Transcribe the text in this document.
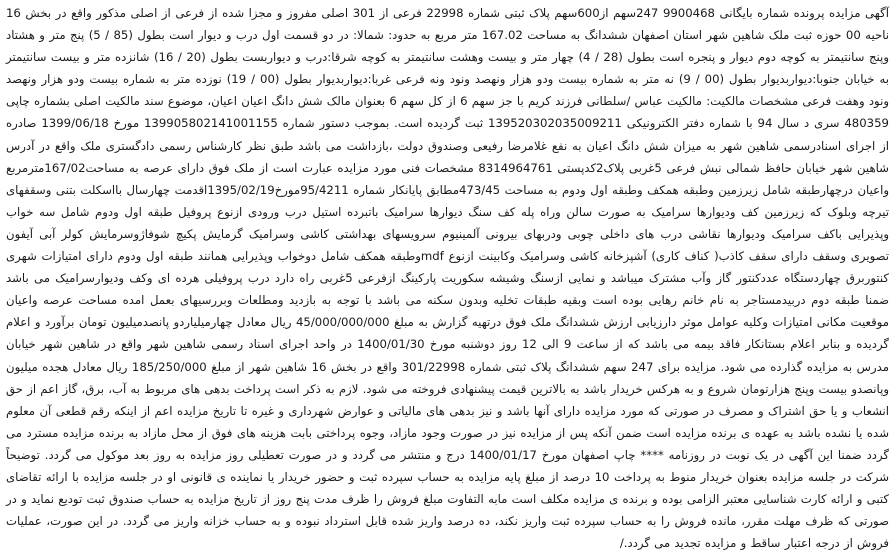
آگهی مزایده پرونده شماره بایگانی 9900468 247سهم از600سهم پلاک ثبتی شماره 22998 فرعی از 301 اصلی مفروز و مجزا شده از فرعی از اصلی مذکور واقع در بخش 16 ناحیه 00 حوزه ثبت ملک شاهین شهر استان اصفهان ششدانگ به مساحت 167.02 متر مربع به حدود: شمالا: در دو قسمت اول درب و دیوار است بطول (85 / 5) پنج متر و هشتاد وپنج سانتیمتر به کوچه دوم دیوار و پنجره است بطول (28 / 4) چهار متر و بیست وهشت سانتیمتر به کوچه شرقا:درب و دیواربست بطول (20 / 16) شانزده متر و بیست سانتیمتر به خیابان جنوبا:دیواربدیوار بطول (00 / 9) نه متر به شماره بیست ودو هزار ونهصد ونود ونه فرعی غربا:دیواربدیوار بطول (00 / 19) نوزده متر به شماره بیست ودو هزار ونهصد ونود وهفت فرعی مشخصات مالکیت: مالکیت عباس /سلطانی فرزند کریم با جز سهم 6 از کل سهم 6 بعنوان مالک شش دانگ اعیان اعیان، موضوع سند مالکیت اصلی بشماره چاپی 480359 سری د سال 94 با شماره دفتر الکترونیکی 139520302035009211 ثبت گردیده است. بموجب دستور شماره 139905802141001155 مورخ 1399/06/18 صادره از اجرای اسنادرسمی شاهین شهر به میزان شش دانگ اعیان به نفع غلامرضا رفیعی وصندوق دولت ،بازداشت می باشد طبق نظر کارشناس رسمی دادگستری ملک واقع در آدرس شاهین شهر خیابان حافظ شمالی نبش فرعی 5غربی پلاک2کدپستی 8314964761 مشخصات فنی مورد مزایده عبارت است از ملک فوق دارای عرصه به مساحت167/02مترمربع واعیان درچهارطبقه شامل زیرزمین وطبقه همکف وطبقه اول ودوم به مساحت 473/45مطابق پایانکار شماره 95/4211مورخ1395/02/19اقدمت چهارسال بااسکلت بتنی وسقفهای تیرچه وبلوک که زیرزمین کف ودیوارها سرامیک به صورت سالن وراه پله کف سنگ دیوارها سرامیک باتبرده استیل درب ورودی ازنوع پروفیل طبقه اول ودوم شامل سه خواب وپذیرایی باکف سرامیک ودیوارها نقاشی درب های داخلی چوبی ودربهای بیرونی آلمینیوم سرویسهای بهداشتی کاشی وسرامیک گرمایش پکیچ شوفاژوسرمایش کولر آبی آیفون تصویری وسقف دارای سقف کاذب( کناف کاری) آشپزخانه کاشی وسرامیک وکابینت ازنوع mdfوطبقه همکف شامل دوخواب وپذیرایی همانند طبقه اول ودوم دارای امتیازات شهری کنتوربرق چهاردستگاه عددکنتور گاز وآب مشترک میباشد و نمایی ازسنگ وشیشه سکوریت پارکینگ ازفرعی 5غربی راه دارد درب پروفیلی هرده ای وکف ودیوارسرامیک می باشد ضمنا طبقه دوم دربیدمستاجر به نام خانم رهایی بوده است وبقیه طبقات تخلیه وبدون سکنه می باشد با توجه به بازدید ومطلعات وبررسیهای بعمل امده مساحت عرصه واعیان موقعیت مکانی امتیازات وکلیه عوامل موثر دارزیابی ارزش ششدانگ ملک فوق درتهیه گزارش به مبلغ 45/000/000/000 ریال معادل چهارمیلیاردو پانصدمیلیون تومان برآورد و اعلام گردیده و بنابر اعلام بستانکار فاقد بیمه می باشد که از ساعت 9 الی 12 روز دوشنبه مورخ 1400/01/30 در واحد اجرای اسناد رسمی شاهین شهر واقع در شاهین شهر خیابان مدرس به مزایده گذارده می شود. مزایده برای 247 سهم ششدانگ پلاک ثبتی شماره 301/22998 واقع در بخش 16 شاهین شهر از مبلغ 185/250/000 ریال معادل هجده میلیون وپانصدو بیست وپنج هزارتومان شروع و به هرکس خریدار باشد به بالاترین قیمت پیشنهادی فروخته می شود. لازم به ذکر است پرداخت بدهی های مربوط به آب، برق، گاز اعم از حق انشعاب و یا حق اشتراک و مصرف در صورتی که مورد مزایده دارای آنها باشد و نیز بدهی های مالیاتی و عوارض شهرداری و غیره تا تاریخ مزایده اعم از اینکه رقم قطعی آن معلوم شده یا نشده باشد به عهده ی برنده مزایده است ضمن آنکه پس از مزایده نیز در صورت وجود مازاد، وجوه پرداختی بابت هزینه های فوق از محل مازاد به برنده مزایده مسترد می گردد ضمنا این آگهی در یک نوبت در روزنامه **** چاپ اصفهان مورخ 1400/01/17 درج و منتشر می گردد و در صورت تعطیلی روز مزایده به روز بعد موکول می گردد. توضیحاً شرکت در جلسه مزایده بعنوان خریدار منوط به پرداخت 10 درصد از مبلغ پایه مزایده به حساب سپرده ثبت و حضور خریدار یا نماینده ی قانونی او در جلسه مزایده با ارائه تقاضای کتبی و ارائه کارت شناسایی معتبر الزامی بوده و برنده ی مزایده مکلف است مابه التفاوت مبلغ فروش را ظرف مدت پنج روز از تاریخ مزایده به حساب صندوق ثبت تودیع نماید و در صورتی که ظرف مهلت مقرر، مانده فروش را به حساب سپرده ثبت واریز نکند، ده درصد واریز شده قابل استرداد نبوده و به حساب خزانه واریز می گردد. در این صورت، عملیات فروش از درجه اعتبار ساقط و مزایده تجدید می گردد./
